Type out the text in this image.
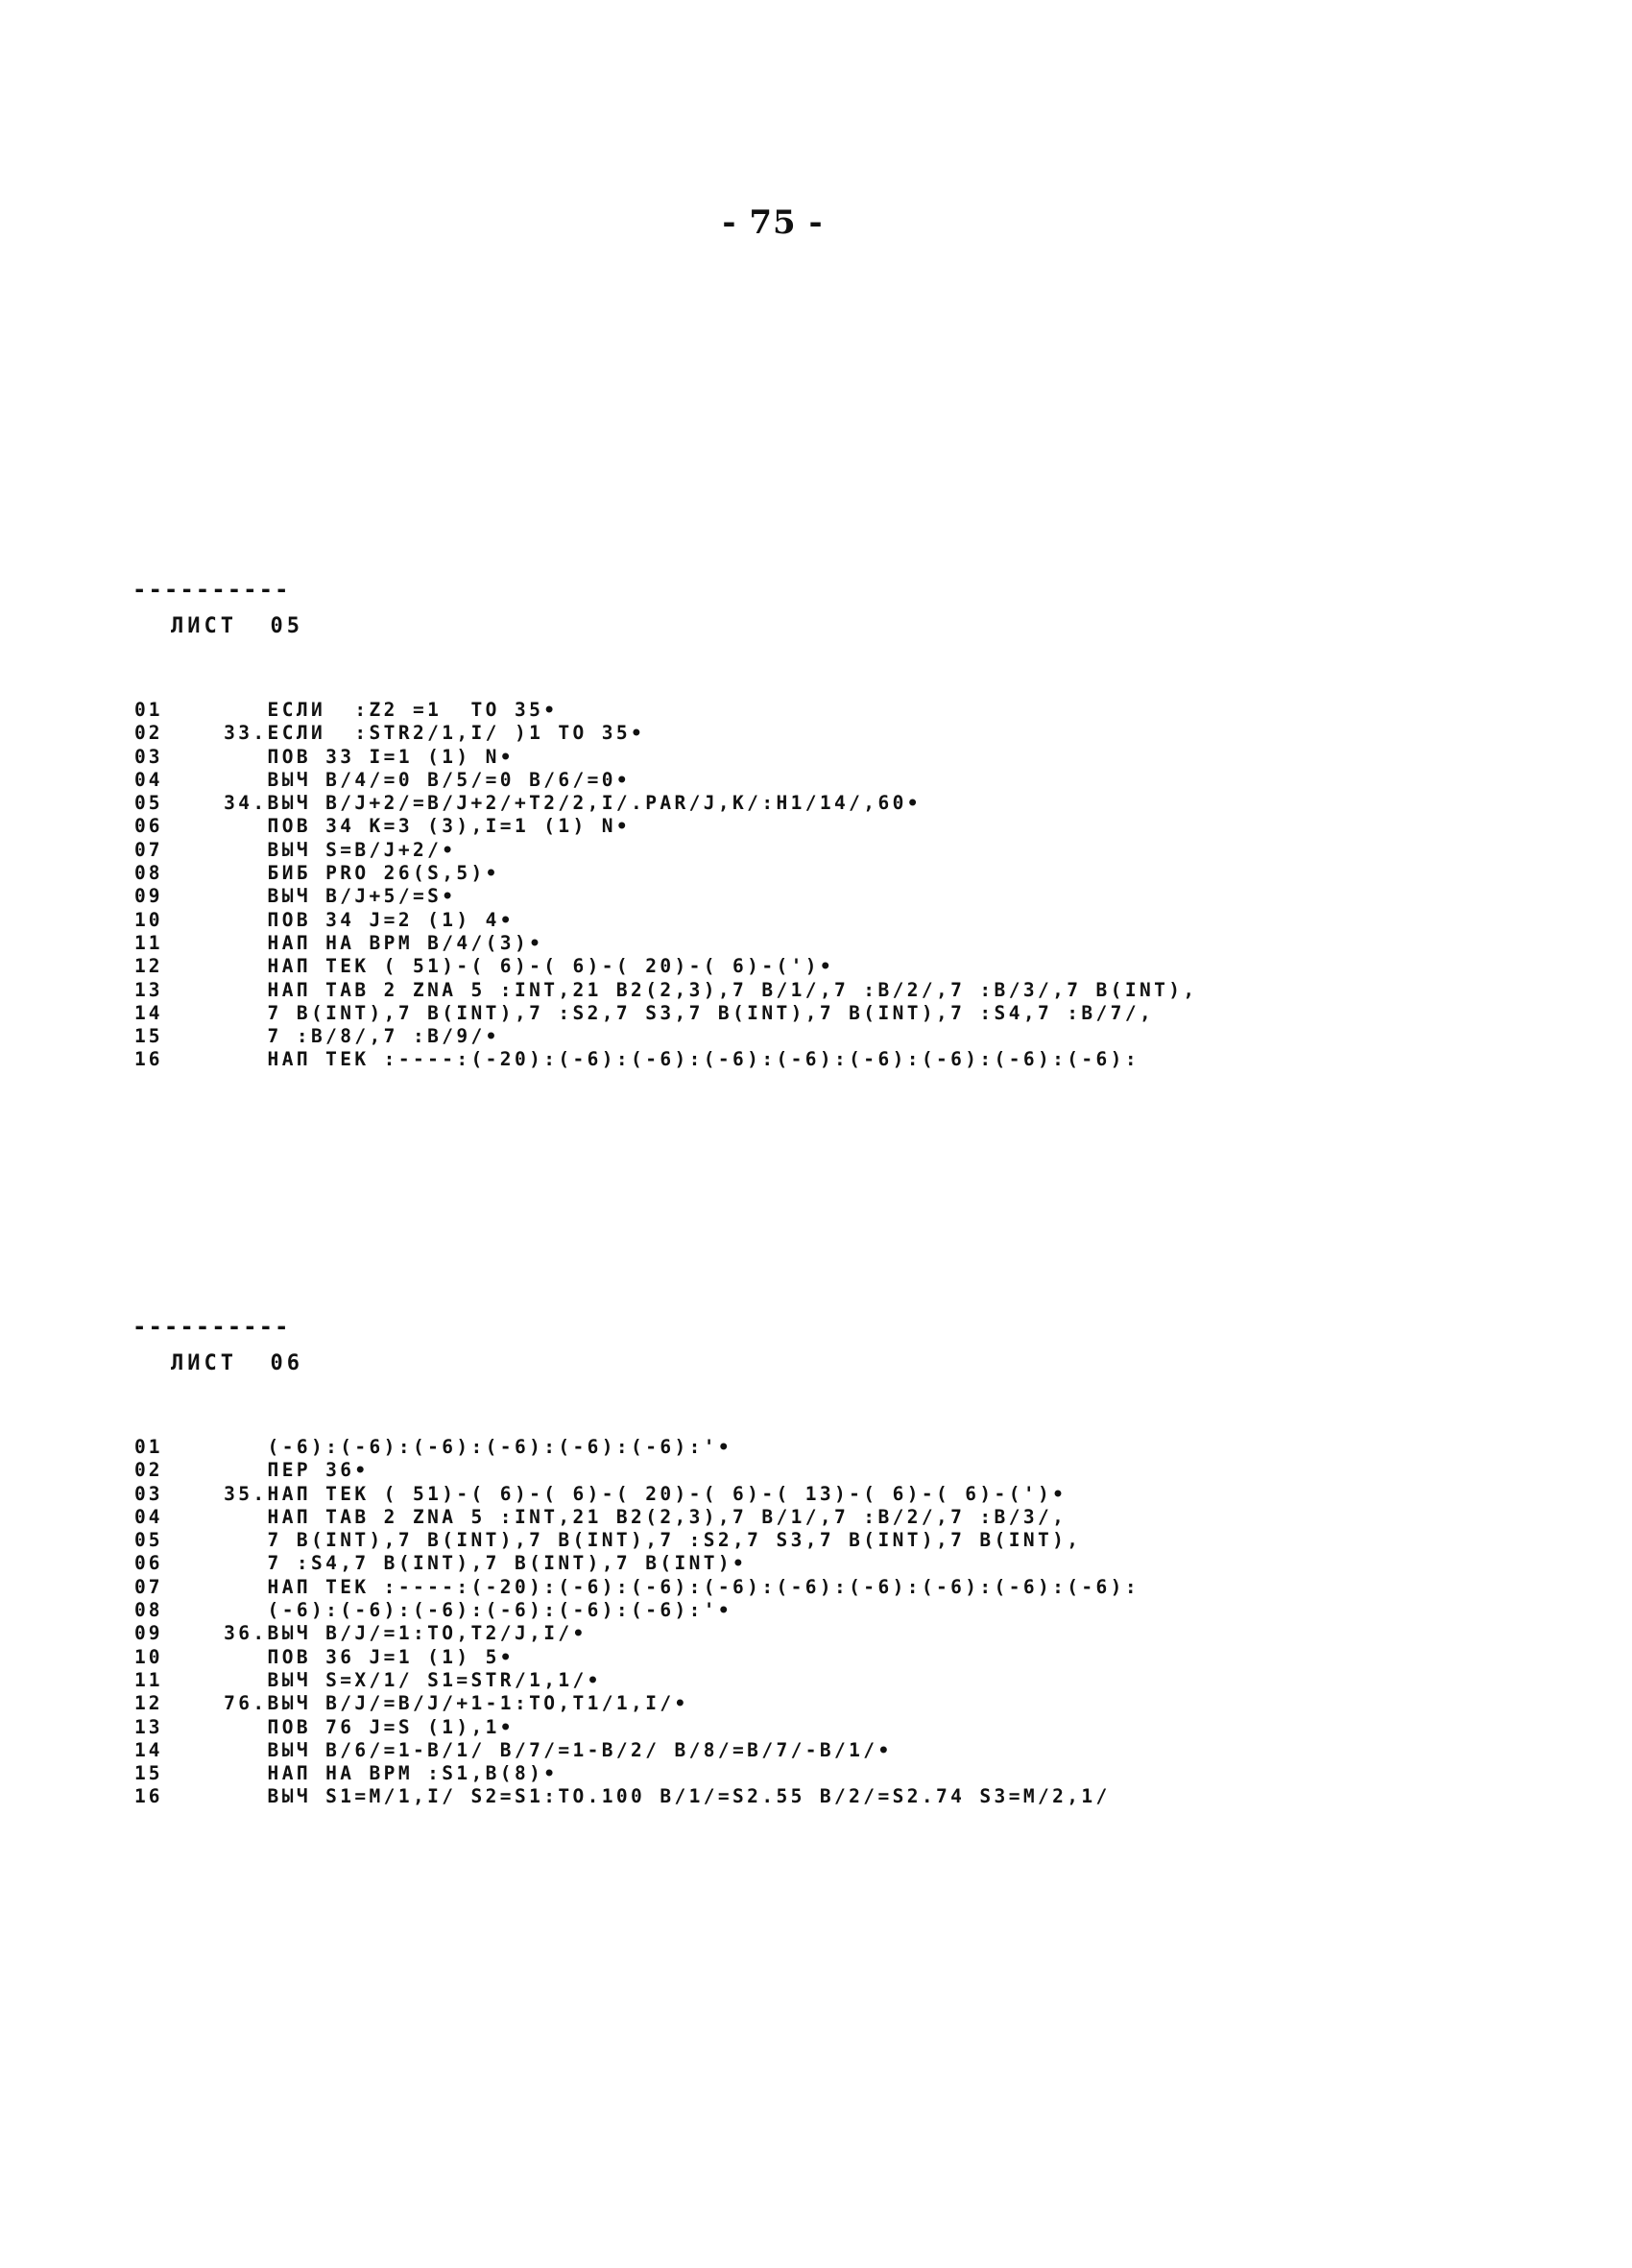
- 75 -
----------
ЛИСТ  05
01	ЕСЛИ  :Z2 =1  TO 35•
02	33.ЕСЛИ  :STR2/1,I/ )1 TO 35•
03	ПОВ 33 I=1 (1) N•
04	ВЫЧ В/4/=0 В/5/=0 В/6/=0•
05	34.ВЫЧ В/J+2/=В/J+2/+T2/2,I/.PAR/J,K/:H1/14/,60•
06	ПОВ 34 K=3 (3),I=1 (1) N•
07	ВЫЧ S=В/J+2/•
08	БИБ PRO 26(S,5)•
09	ВЫЧ В/J+5/=S•
10	ПОВ 34 J=2 (1) 4•
11	НАП НА ВРМ В/4/(3)•
12	НАП ТЕК ( 51)-( 6)-( 6)-( 20)-( 6)-(')•
13	НАП ТАВ 2 ZNA 5 :INT,21 В2(2,3),7 В/1/,7 :В/2/,7 :В/3/,7 В(INT),
14	7 В(INT),7 В(INT),7 :S2,7 S3,7 В(INT),7 В(INT),7 :S4,7 :В/7/,
15	7 :В/8/,7 :В/9/•
16	НАП ТЕК :----:(-20):(-6):(-6):(-6):(-6):(-6):(-6):(-6):(-6):
----------
ЛИСТ  06
01	(-6):(-6):(-6):(-6):(-6):(-6):'•
02	ПЕР 36•
03	35.НАП ТЕК ( 51)-( 6)-( 6)-( 20)-( 6)-( 13)-( 6)-( 6)-(')•
04	НАП ТАВ 2 ZNA 5 :INT,21 В2(2,3),7 В/1/,7 :В/2/,7 :В/3/,
05	7 В(INT),7 В(INT),7 В(INT),7 :S2,7 S3,7 В(INT),7 В(INT),
06	7 :S4,7 В(INT),7 В(INT),7 В(INT)•
07	НАП ТЕК :----:(-20):(-6):(-6):(-6):(-6):(-6):(-6):(-6):(-6):
08	(-6):(-6):(-6):(-6):(-6):(-6):'•
09	36.ВЫЧ В/J/=1:TO,T2/J,I/•
10	ПОВ 36 J=1 (1) 5•
11	ВЫЧ S=X/1/ S1=STR/1,1/•
12	76.ВЫЧ В/J/=В/J/+1-1:TO,T1/1,I/•
13	ПОВ 76 J=S (1),1•
14	ВЫЧ В/6/=1-В/1/ В/7/=1-В/2/ В/8/=В/7/-В/1/•
15	НАП НА ВРМ :S1,В(8)•
16	ВЫЧ S1=M/1,I/ S2=S1:TO.100 В/1/=S2.55 В/2/=S2.74 S3=M/2,1/
